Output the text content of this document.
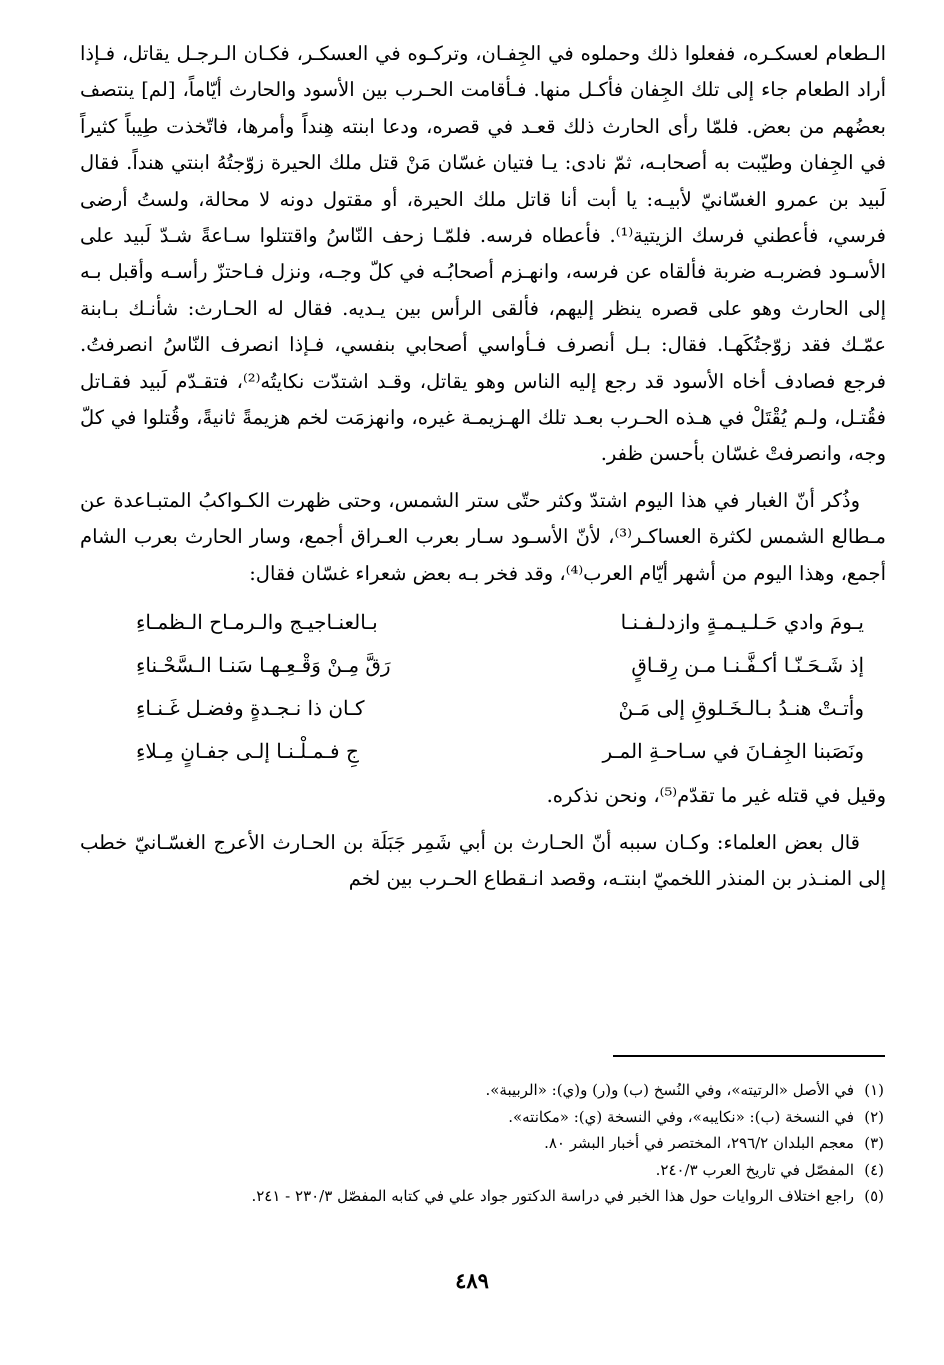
الـطعام لعسكـره، ففعلوا ذلك وحملوه في الجِفـان، وتركـوه في العسكـر، فكـان الـرجـل يقاتل، فـإذا أراد الطعام جاء إلى تلك الجِفان فأكـل منها. فـأقامت الحـرب بين الأسود والحارث أيّاماً، [لم] ينتصف بعضُهم من بعض. فلمّا رأى الحارث ذلك قعـد في قصره، ودعا ابنته هِنداً وأمرها، فاتّخذت طِيباً كثيراً في الجِفان وطيّبت به أصحابـه، ثمّ نادى: يـا فتيان غسّان مَنْ قتل ملك الحيرة زوّجتُهُ ابنتي هنداً. فقال لَبيد بن عمرو الغسّانيّ لأبيـه: يا أبت أنا قاتل ملك الحيرة، أو مقتول دونه لا محالة، ولستُ أرضى فرسي، فأعطني فرسك الزيتية⁽¹⁾. فأعطاه فرسه. فلمّـا زحف النّاسُ واقتتلوا سـاعةً شـدّ لَبيد على الأسـود فضربـه ضربة فألقاه عن فرسه، وانهـزم أصحابُـه في كلّ وجـه، ونزل فـاحتزّ رأسـه وأقبل بـه إلى الحارث وهو على قصره ينظر إليهم، فألقى الرأس بين يـديه. فقال له الحـارث: شأنـك بـابنة عمّـك فقد زوّجتُكَهـا. فقال: بـل أنصرف فـأواسي أصحابي بنفسي، فـإذا انصرف النّاسُ انصرفتُ. فرجع فصادف أخاه الأسود قد رجع إليه الناس وهو يقاتل، وقـد اشتدّت نكايتُه⁽²⁾، فتقـدّم لَبيد فقـاتل فقُتـل، ولـم يُقْتَلْ في هـذه الحـرب بعـد تلك الهـزيمـة غيره، وانهزمَت لخم هزيمةً ثانيةً، وقُتلوا في كلّ وجه، وانصرفتْ غسّان بأحسن ظفر.

وذُكر أنّ الغبار في هذا اليوم اشتدّ وكثر حتّى ستر الشمس، وحتى ظهرت الكـواكبُ المتبـاعدة عن مـطالع الشمس لكثرة العساكـر⁽³⁾، لأنّ الأسـود سـار بعرب العـراق أجمع، وسار الحارث بعرب الشام أجمع، وهذا اليوم من أشهر أيّام العرب⁽⁴⁾، وقد فخر بـه بعض شعراء غسّان فقال:

يـومَ وادي حَـلـيـمـةٍ وازدلـفـنـا
بـالعنـاجيـج والـرمـاح الـظمـاءِ
إذ شَـحَـنّـا أكـفَّـنـا مـن رِقـاقٍ
رَقَّ مِـنْ وَقْـعِـهـا سَنـا الـسَّحْـناءِ
وأتـتْ هنـدُ بـالـخَـلوقِ إلى مَـنْ
كـان ذا نـجـدةٍ وفضـل غَـنـاءِ
ونَصَبنا الجِفـانَ في سـاحـةِ المـر
جِ فـمـلْـنـا إلـى جفـانٍ مِـلاءِ

وقيل في قتله غير ما تقدّم⁽⁵⁾، ونحن نذكره.

قال بعض العلماء: وكـان سببه أنّ الحـارث بن أبي شَمِر جَبَلَة بن الحـارث الأعرج الغسّـانيّ خطب إلى المنـذر بن المنذر اللخميّ ابنتـه، وقصد انـقطاع الحـرب بين لخم

(١)
في الأصل «الرتيته»، وفي النُسخ (ب) و(ر) و(ي): «الربيبة».
(٢)
في النسخة (ب): «نكايبه»، وفي النسخة (ي): «مكانته».
(٣)
معجم البلدان ٢٩٦/٢، المختصر في أخبار البشر ٨٠.
(٤)
المفصّل في تاريخ العرب ٢٤٠/٣.
(٥)
راجع اختلاف الروايات حول هذا الخبر في دراسة الدكتور جواد علي في كتابه المفصّل ٢٣٠/٣ - ٢٤١.
٤٨٩
